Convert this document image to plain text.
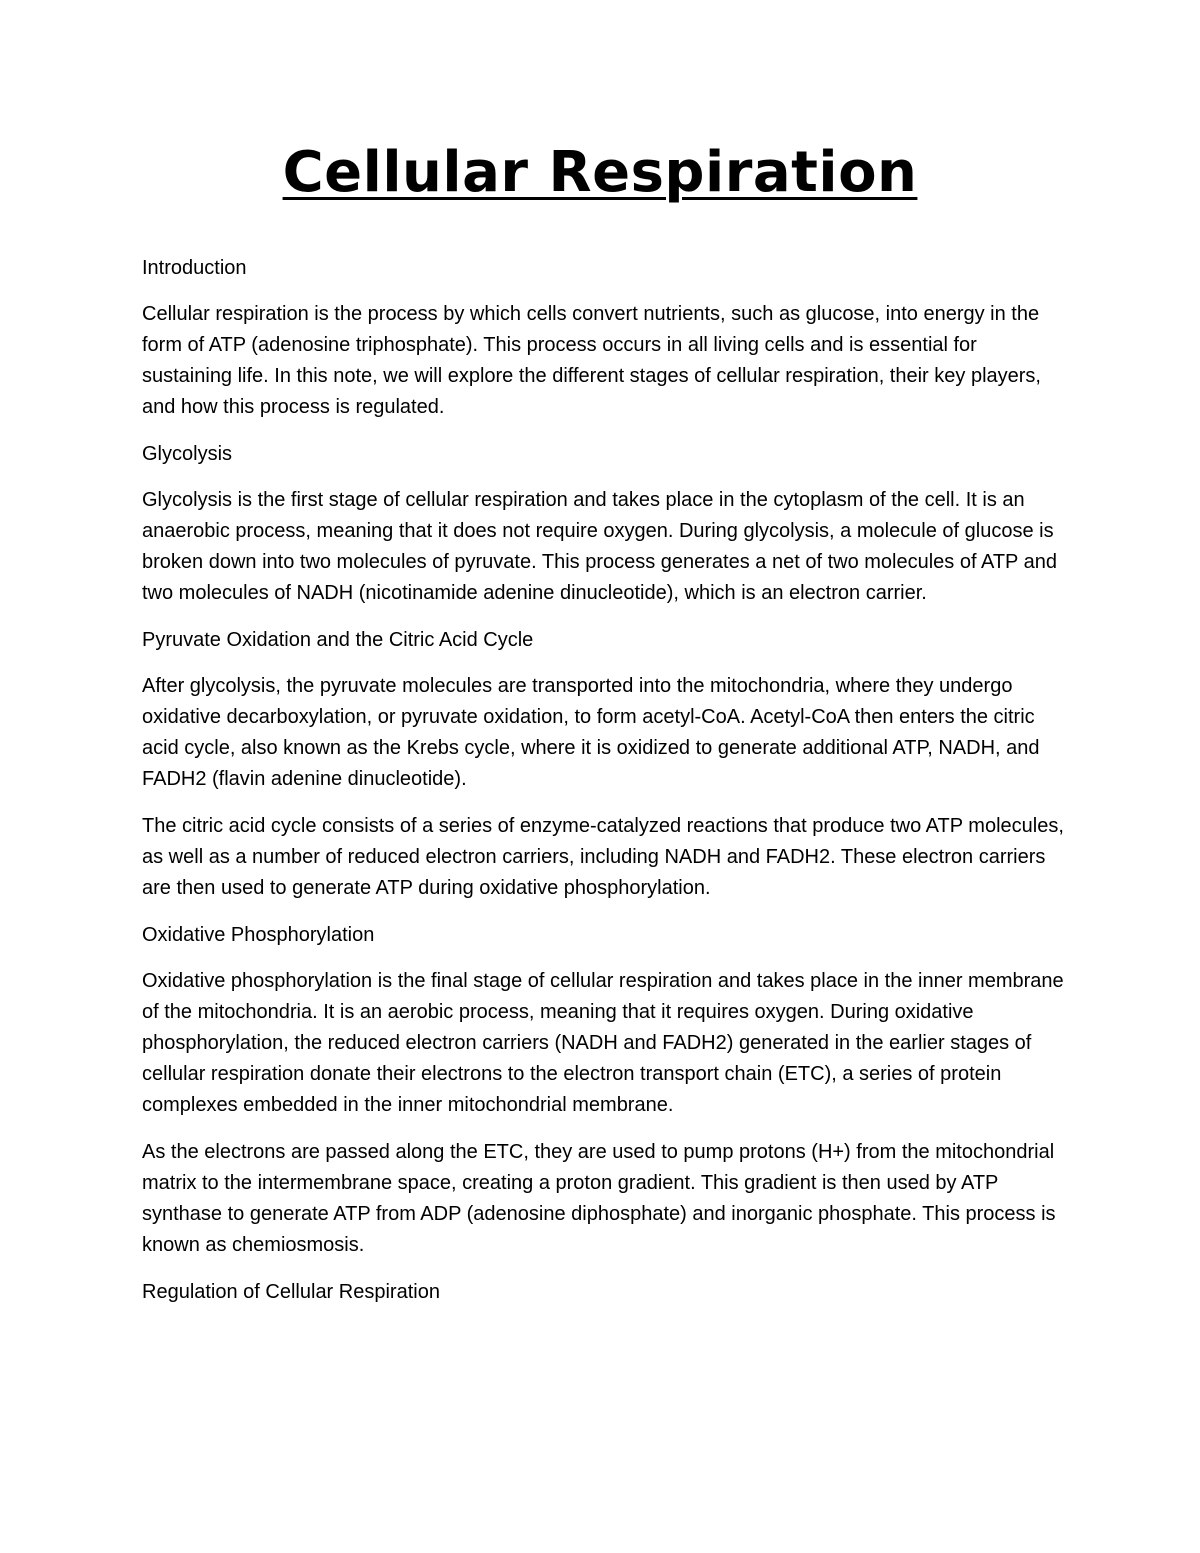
Cellular Respiration
Introduction

Cellular respiration is the process by which cells convert nutrients, such as glucose, into energy in the form of ATP (adenosine triphosphate). This process occurs in all living cells and is essential for sustaining life. In this note, we will explore the different stages of cellular respiration, their key players, and how this process is regulated.

Glycolysis

Glycolysis is the first stage of cellular respiration and takes place in the cytoplasm of the cell. It is an anaerobic process, meaning that it does not require oxygen. During glycolysis, a molecule of glucose is broken down into two molecules of pyruvate. This process generates a net of two molecules of ATP and two molecules of NADH (nicotinamide adenine dinucleotide), which is an electron carrier.

Pyruvate Oxidation and the Citric Acid Cycle

After glycolysis, the pyruvate molecules are transported into the mitochondria, where they undergo oxidative decarboxylation, or pyruvate oxidation, to form acetyl-CoA. Acetyl-CoA then enters the citric acid cycle, also known as the Krebs cycle, where it is oxidized to generate additional ATP, NADH, and FADH2 (flavin adenine dinucleotide).

The citric acid cycle consists of a series of enzyme-catalyzed reactions that produce two ATP molecules, as well as a number of reduced electron carriers, including NADH and FADH2. These electron carriers are then used to generate ATP during oxidative phosphorylation.

Oxidative Phosphorylation

Oxidative phosphorylation is the final stage of cellular respiration and takes place in the inner membrane of the mitochondria. It is an aerobic process, meaning that it requires oxygen. During oxidative phosphorylation, the reduced electron carriers (NADH and FADH2) generated in the earlier stages of cellular respiration donate their electrons to the electron transport chain (ETC), a series of protein complexes embedded in the inner mitochondrial membrane.

As the electrons are passed along the ETC, they are used to pump protons (H+) from the mitochondrial matrix to the intermembrane space, creating a proton gradient. This gradient is then used by ATP synthase to generate ATP from ADP (adenosine diphosphate) and inorganic phosphate. This process is known as chemiosmosis.

Regulation of Cellular Respiration
